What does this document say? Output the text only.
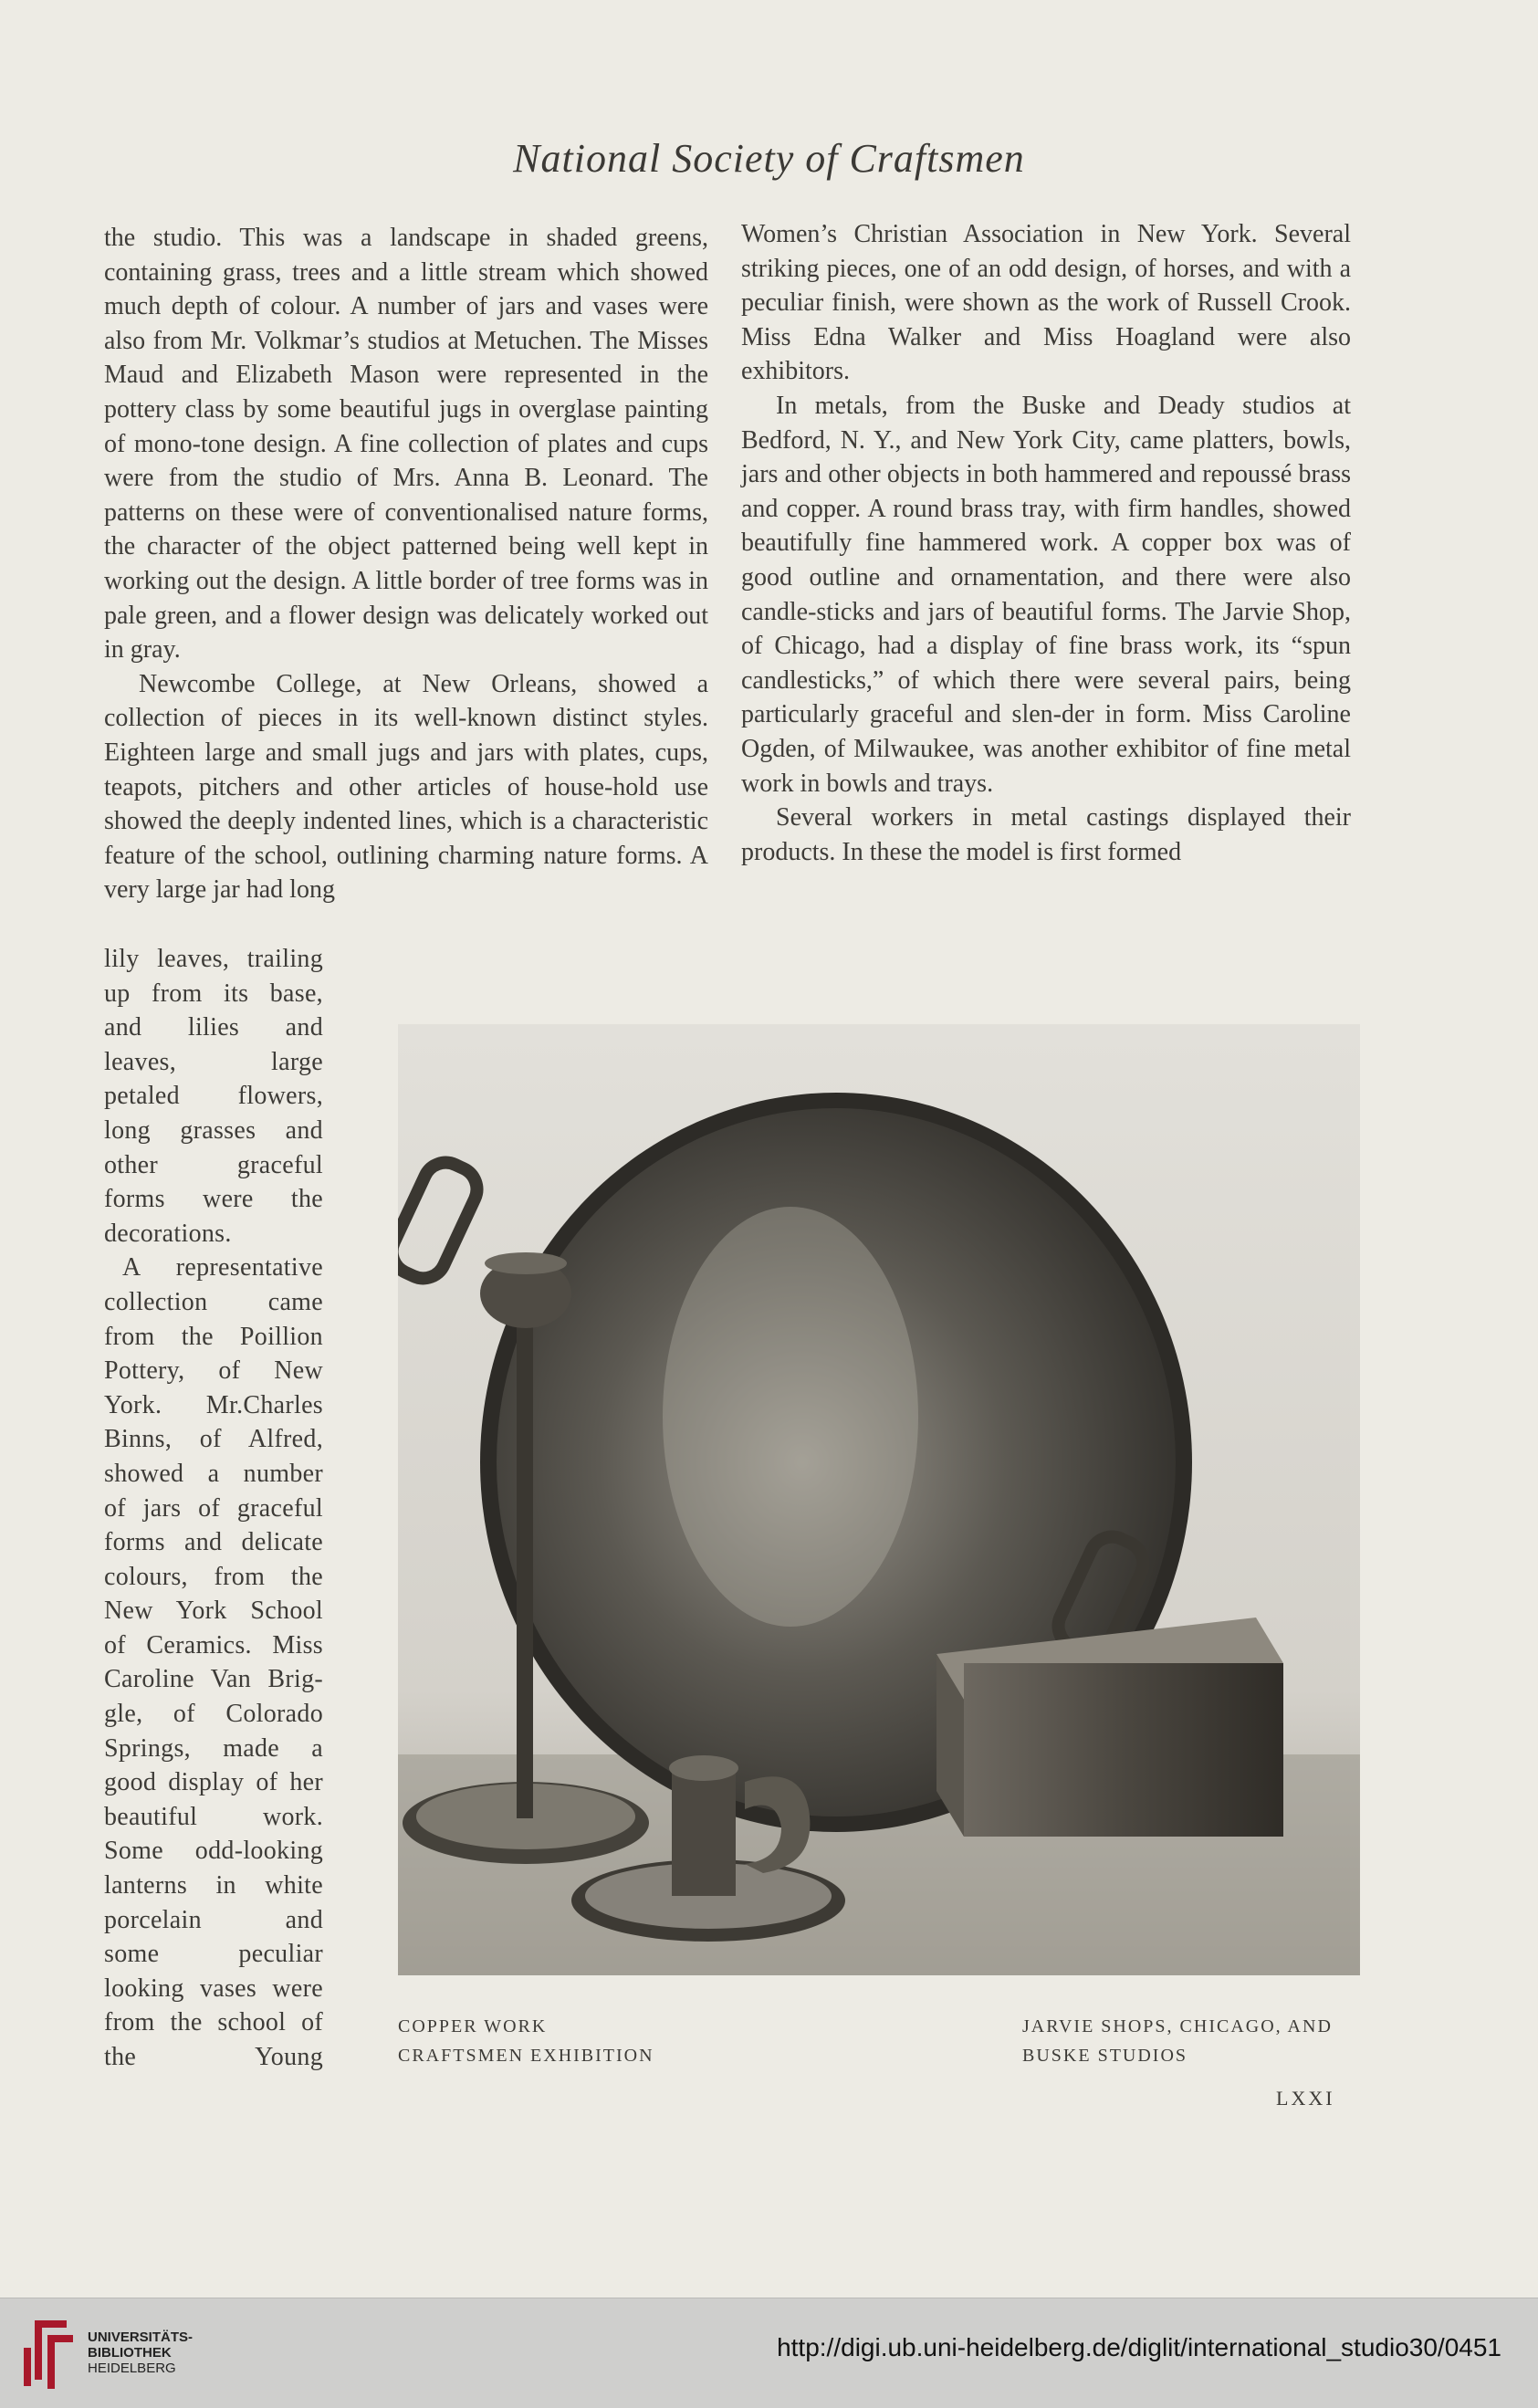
National Society of Craftsmen

the studio. This was a landscape in shaded greens, containing grass, trees and a little stream which showed much depth of colour. A number of jars and vases were also from Mr. Volkmar’s studios at Metuchen. The Misses Maud and Elizabeth Mason were represented in the pottery class by some beautiful jugs in overglase painting of mono-tone design. A fine collection of plates and cups were from the studio of Mrs. Anna B. Leonard. The patterns on these were of conventionalised nature forms, the character of the object patterned being well kept in working out the design. A little border of tree forms was in pale green, and a flower design was delicately worked out in gray.

Newcombe College, at New Orleans, showed a collection of pieces in its well-known distinct styles. Eighteen large and small jugs and jars with plates, cups, teapots, pitchers and other articles of house-hold use showed the deeply indented lines, which is a characteristic feature of the school, outlining charming nature forms. A very large jar had long

lily leaves, trailing

up from its base,

and lilies and

leaves, large

petaled flowers,

long grasses and

other graceful

forms were the

decorations.

A representative

collection came

from the Poillion

Pottery, of New

York. Mr.Charles

Binns, of Alfred,

showed a number

of jars of graceful

forms and delicate

colours, from the

New York School

of Ceramics. Miss

Caroline Van Brig-

gle, of Colorado

Springs, made a

good display of her

beautiful work.

Some odd-looking

lanterns in white

porcelain and

some peculiar

looking vases were

from the school of

the Young

Women’s Christian Association in New York. Several striking pieces, one of an odd design, of horses, and with a peculiar finish, were shown as the work of Russell Crook. Miss Edna Walker and Miss Hoagland were also exhibitors.

In metals, from the Buske and Deady studios at Bedford, N. Y., and New York City, came platters, bowls, jars and other objects in both hammered and repoussé brass and copper. A round brass tray, with firm handles, showed beautifully fine hammered work. A copper box was of good outline and ornamentation, and there were also candle-sticks and jars of beautiful forms. The Jarvie Shop, of Chicago, had a display of fine brass work, its “spun candlesticks,” of which there were several pairs, being particularly graceful and slen-der in form. Miss Caroline Ogden, of Milwaukee, was another exhibitor of fine metal work in bowls and trays.

Several workers in metal castings displayed their products. In these the model is first formed

COPPER WORK
CRAFTSMEN EXHIBITION
JARVIE SHOPS, CHICAGO, AND
BUSKE STUDIOS
LXXI
UNIVERSITÄTS-
BIBLIOTHEK
HEIDELBERG
http://digi.ub.uni-heidelberg.de/diglit/international_studio30/0451
